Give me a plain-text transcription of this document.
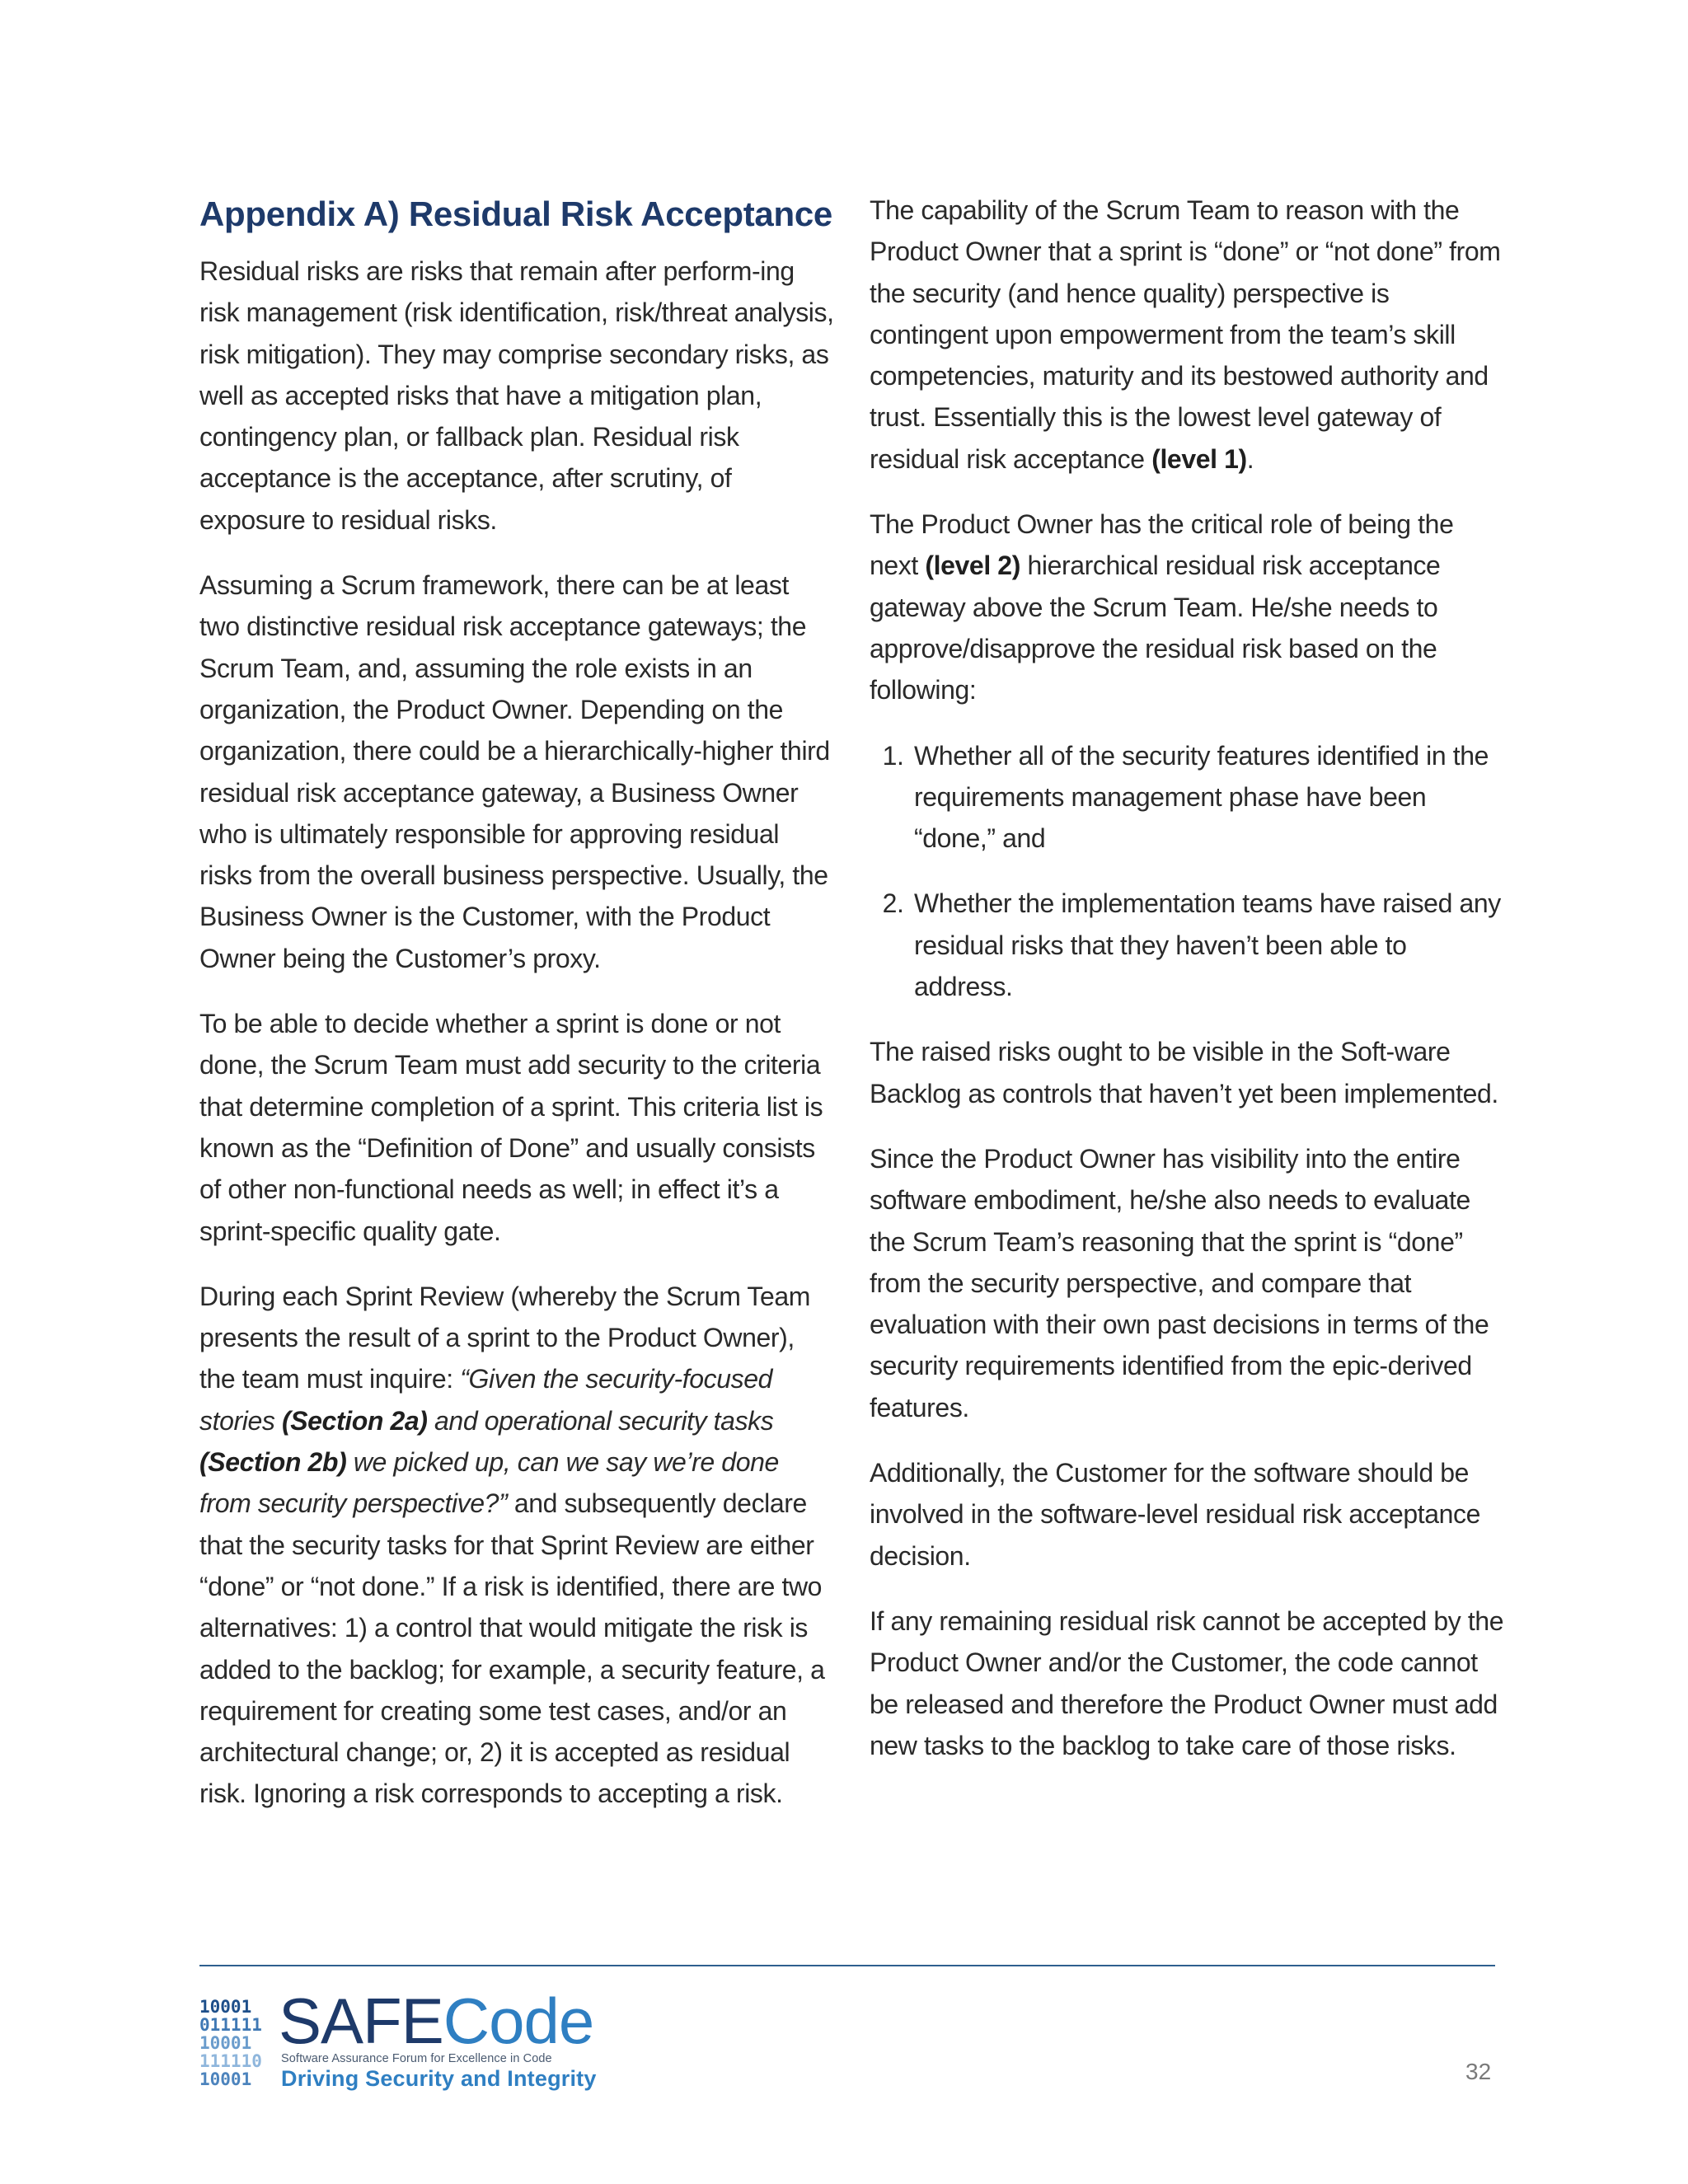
Appendix A) Residual Risk Acceptance

Residual risks are risks that remain after perform-ing risk management (risk identification, risk/threat analysis, risk mitigation). They may comprise secondary risks, as well as accepted risks that have a mitigation plan, contingency plan, or fallback plan. Residual risk acceptance is the acceptance, after scrutiny, of exposure to residual risks.

Assuming a Scrum framework, there can be at least two distinctive residual risk acceptance gateways; the Scrum Team, and, assuming the role exists in an organization, the Product Owner. Depending on the organization, there could be a hierarchically-higher third residual risk acceptance gateway, a Business Owner who is ultimately responsible for approving residual risks from the overall business perspective. Usually, the Business Owner is the Customer, with the Product Owner being the Customer’s proxy.

To be able to decide whether a sprint is done or not done, the Scrum Team must add security to the criteria that determine completion of a sprint. This criteria list is known as the “Definition of Done” and usually consists of other non-functional needs as well; in effect it’s a sprint-specific quality gate.

During each Sprint Review (whereby the Scrum Team presents the result of a sprint to the Product Owner), the team must inquire: “Given the security-focused stories (Section 2a) and operational security tasks (Section 2b) we picked up, can we say we’re done from security perspective?” and subsequently declare that the security tasks for that Sprint Review are either “done” or “not done.” If a risk is identified, there are two alternatives: 1) a control that would mitigate the risk is added to the backlog; for example, a security feature, a requirement for creating some test cases, and/or an architectural change; or, 2) it is accepted as residual risk. Ignoring a risk corresponds to accepting a risk.

The capability of the Scrum Team to reason with the Product Owner that a sprint is “done” or “not done” from the security (and hence quality) perspective is contingent upon empowerment from the team’s skill competencies, maturity and its bestowed authority and trust. Essentially this is the lowest level gateway of residual risk acceptance (level 1).

The Product Owner has the critical role of being the next (level 2) hierarchical residual risk acceptance gateway above the Scrum Team. He/she needs to approve/disapprove the residual risk based on the following:

1. Whether all of the security features identified in the requirements management phase have been “done,” and
2. Whether the implementation teams have raised any residual risks that they haven’t been able to address.

The raised risks ought to be visible in the Soft-ware Backlog as controls that haven’t yet been implemented.

Since the Product Owner has visibility into the entire software embodiment, he/she also needs to evaluate the Scrum Team’s reasoning that the sprint is “done” from the security perspective, and compare that evaluation with their own past decisions in terms of the security requirements identified from the epic-derived features.

Additionally, the Customer for the software should be involved in the software-level residual risk acceptance decision.

If any remaining residual risk cannot be accepted by the Product Owner and/or the Customer, the code cannot be released and therefore the Product Owner must add new tasks to the backlog to take care of those risks.

10001
011111
10001
111110
10001
SAFECode
Software Assurance Forum for Excellence in Code
Driving Security and Integrity	32
